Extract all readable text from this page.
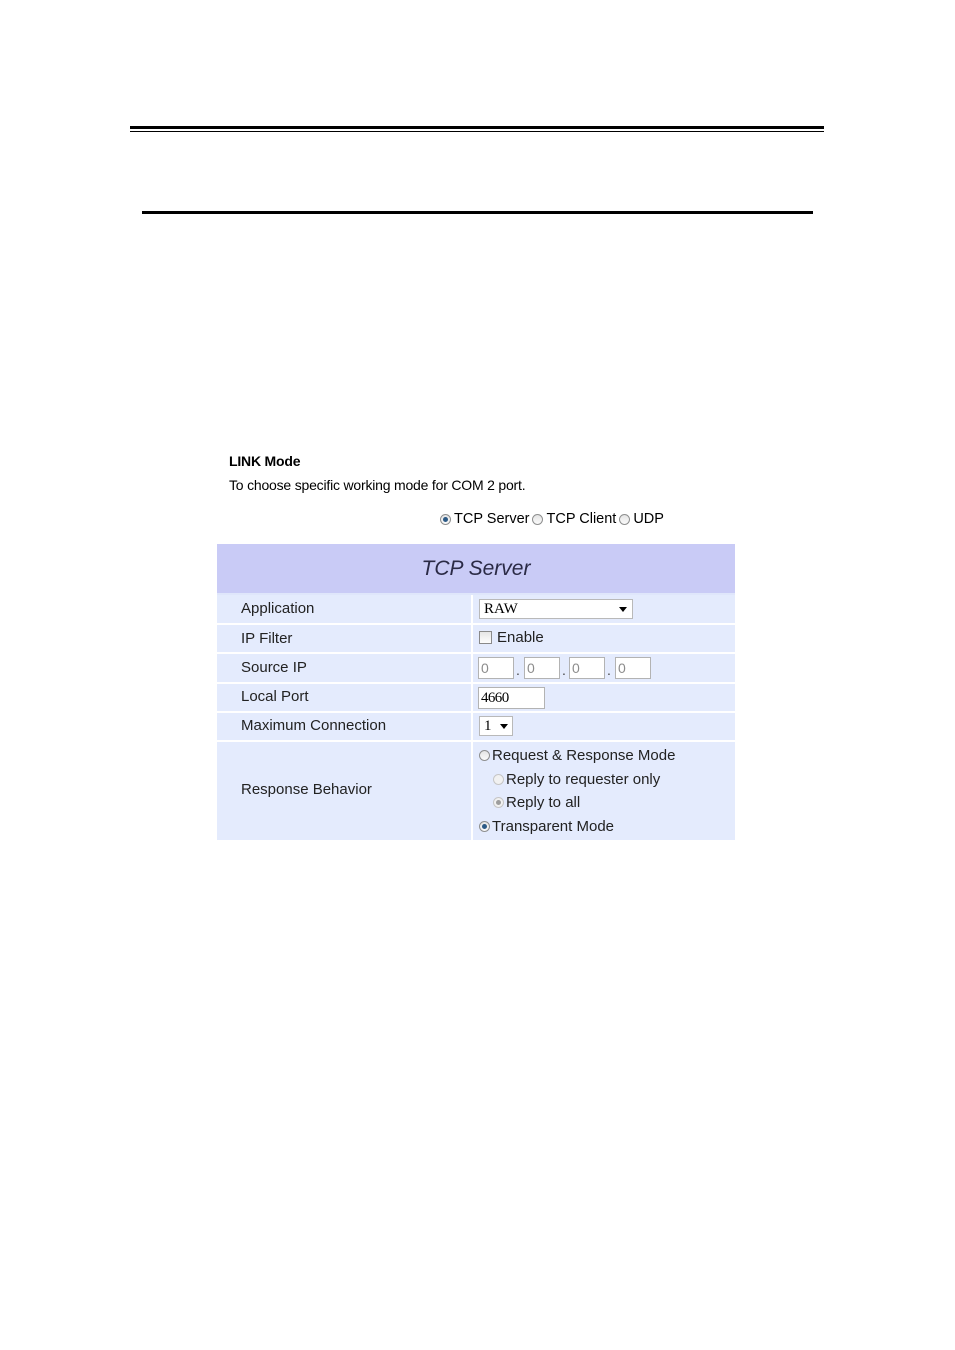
LINK Mode
To choose specific working mode for COM 2 port.
TCP Server TCP Client UDP
TCP Server
Application	RAW
IP Filter	Enable
Source IP	0	. 0	. 0	. 0
Local Port	4660
Maximum Connection	1
Response Behavior
Request & Response Mode
Reply to requester only
Reply to all
Transparent Mode
